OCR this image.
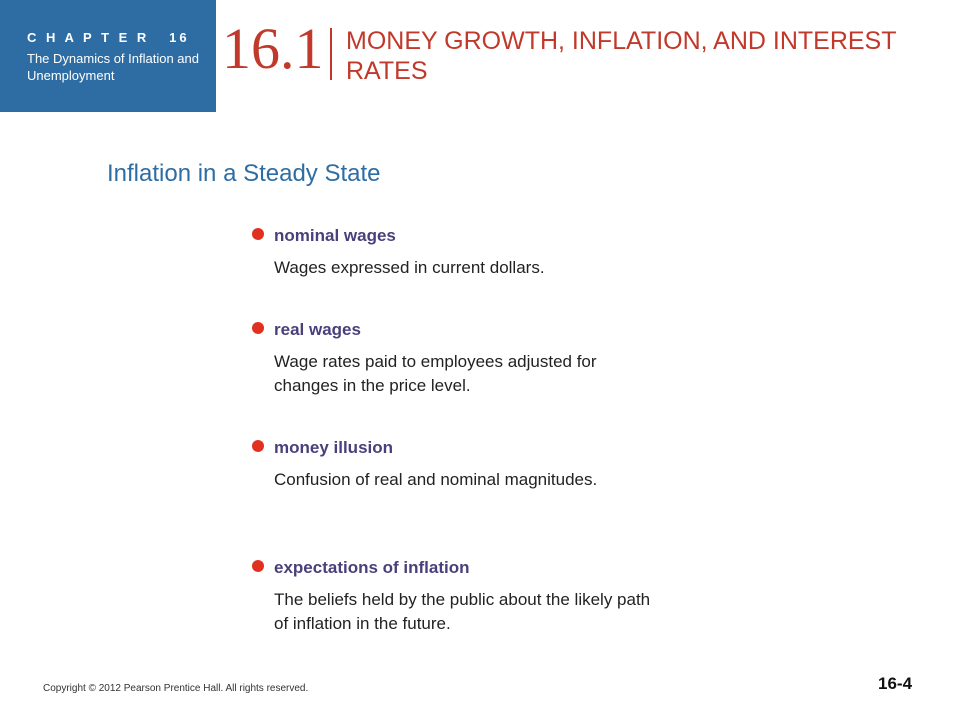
C H A P T E R   16
The Dynamics of Inflation and Unemployment	16.1 MONEY GROWTH, INFLATION, AND INTEREST RATES
Inflation in a Steady State
nominal wages
Wages expressed in current dollars.
real wages
Wage rates paid to employees adjusted for changes in the price level.
money illusion
Confusion of real and nominal magnitudes.
expectations of inflation
The beliefs held by the public about the likely path of inflation in the future.
Copyright © 2012 Pearson Prentice Hall. All rights reserved.	16-4
